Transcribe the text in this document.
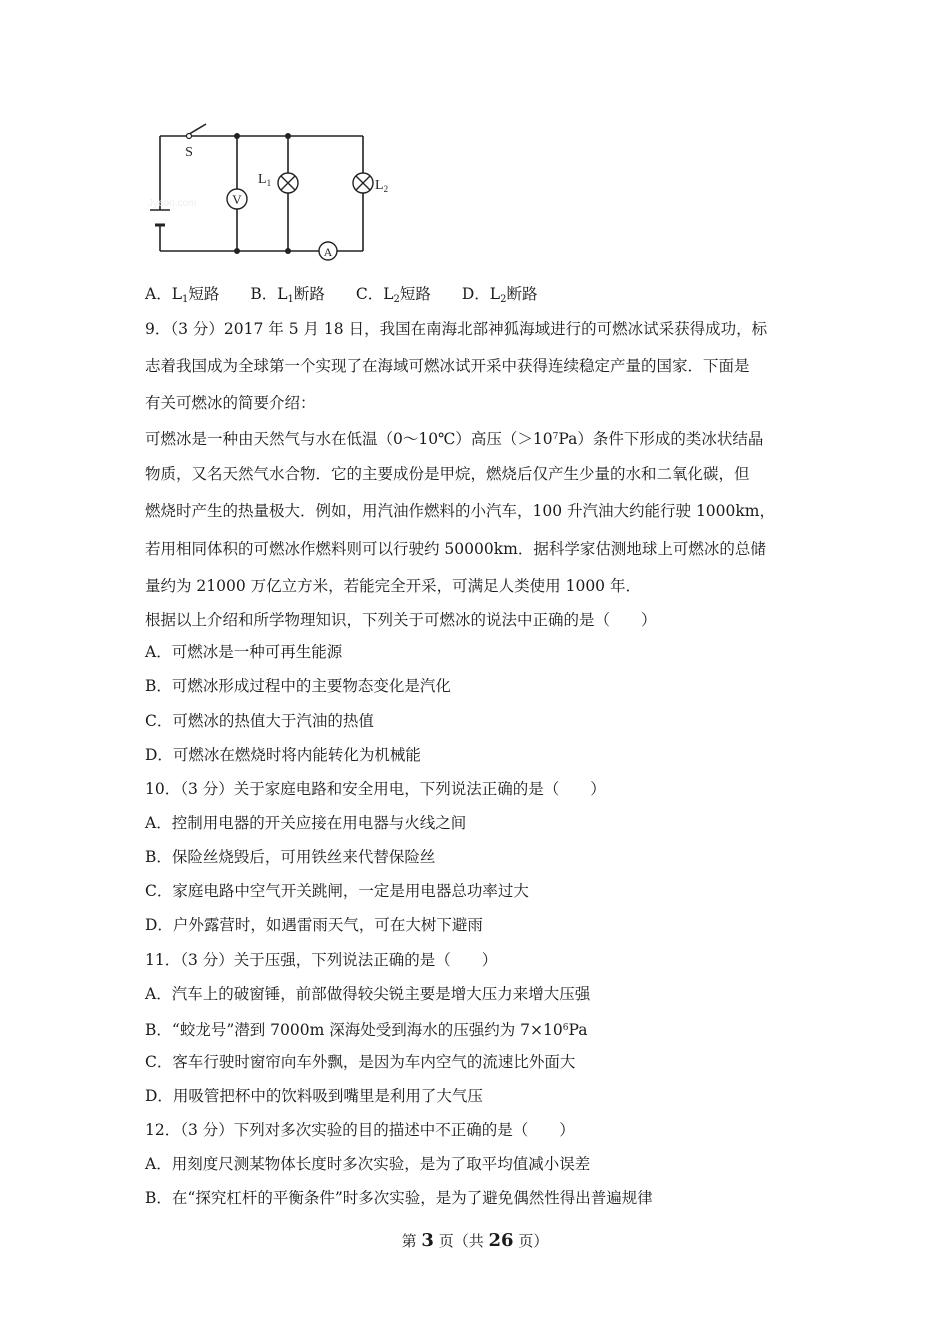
V
A
S
$L_1$	$L_2$
Jyeoo.com
A．$L_1$短路 B．$L_1$断路 C．$L_2$短路 D．$L_2$断路
9．（3 分）2017 年 5 月 18 日，我国在南海北部神狐海域进行的可燃冰试采获得成功，标
志着我国成为全球第一个实现了在海域可燃冰试开采中获得连续稳定产量的国家．下面是
有关可燃冰的简要介绍：
可燃冰是一种由天然气与水在低温（0～10℃）高压$(>10^7Pa)$条件下形成的类冰状结晶
物质，又名天然气水合物．它的主要成份是甲烷，燃烧后仅产生少量的水和二氧化碳，但
燃烧时产生的热量极大．例如，用汽油作燃料的小汽车，100 升汽油大约能行驶 1000km，
若用相同体积的可燃冰作燃料则可以行驶约 50000km．据科学家估测地球上可燃冰的总储
量约为 21000 万亿立方米，若能完全开采，可满足人类使用 1000 年．
根据以上介绍和所学物理知识，下列关于可燃冰的说法中正确的是（　　）
A．可燃冰是一种可再生能源
B．可燃冰形成过程中的主要物态变化是汽化
C．可燃冰的热值大于汽油的热值
D．可燃冰在燃烧时将内能转化为机械能
10．（3 分）关于家庭电路和安全用电，下列说法正确的是（　　）
A．控制用电器的开关应接在用电器与火线之间
B．保险丝烧毁后，可用铁丝来代替保险丝
C．家庭电路中空气开关跳闸，一定是用电器总功率过大
D．户外露营时，如遇雷雨天气，可在大树下避雨
11．（3 分）关于压强，下列说法正确的是（　　）
A．汽车上的破窗锤，前部做得较尖锐主要是增大压力来增大压强
B．“蛟龙号”潜到 7000m 深海处受到海水的压强约为 $7\times 10^6Pa$
C．客车行驶时窗帘向车外飘，是因为车内空气的流速比外面大
D．用吸管把杯中的饮料吸到嘴里是利用了大气压
12．（3 分）下列对多次实验的目的描述中不正确的是（　　）
A．用刻度尺测某物体长度时多次实验，是为了取平均值减小误差
B．在“探究杠杆的平衡条件”时多次实验，是为了避免偶然性得出普遍规律
第 3 页（共 26 页）
